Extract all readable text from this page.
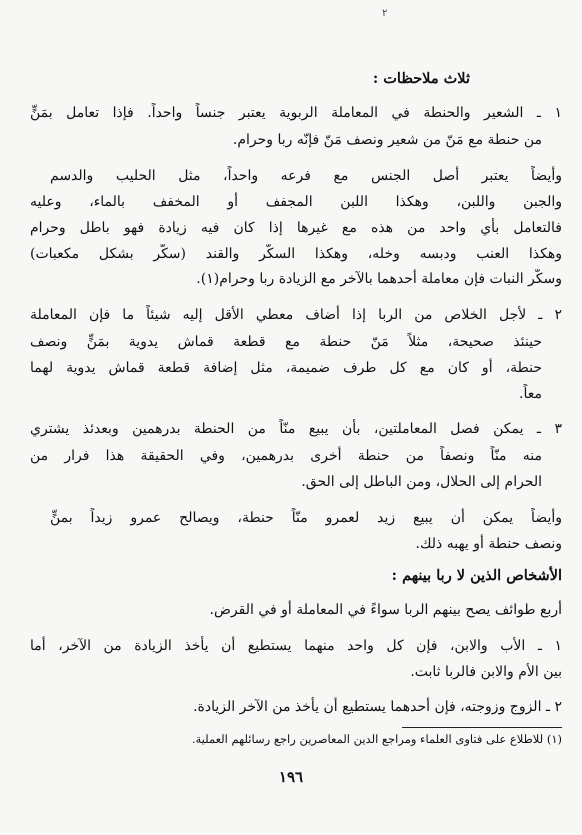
٢
ثلاث ملاحظات :
١ ـ الشعير والحنطة في المعاملة الربوية يعتبر جنساً واحداً. فإذا تعامل بمَنٍّ
من حنطة مع مَنّ من شعير ونصف مَنّ فإنّه ربا وحرام.
وأيضاً يعتبر أصل الجنس مع فرعه واحداً، مثل الحليب والدسم
والجبن واللبن، وهكذا اللبن المجفف أو المخفف بالماء، وعليه
فالتعامل بأي واحد من هذه مع غيرها إذا كان فيه زيادة فهو باطل وحرام
وهكذا العنب ودبسه وخله، وهكذا السكّر والقند (سكّر بشكل مكعبات)
وسكّر النبات فإن معاملة أحدهما بالآخر مع الزيادة ربا وحرام(١).
٢ ـ لأجل الخلاص من الربا إذا أضاف معطي الأقل إليه شيئاً ما فإن المعاملة
حينئذ صحيحة، مثلاً مَنّ حنطة مع قطعة قماش يدوية بمَنٍّ ونصف
حنطة، أو كان مع كل طرف ضميمة، مثل إضافة قطعة قماش يدوية لهما
معاً.
٣ ـ يمكن فصل المعاملتين، بأن يبيع منّاً من الحنطة بدرهمين وبعدئذ يشتري
منه منّاً ونصفاً من حنطة أخرى بدرهمين، وفي الحقيقة هذا فرار من
الحرام إلى الحلال، ومن الباطل إلى الحق.
وأيضاً يمكن أن يبيع زيد لعمرو منّاً حنطة، ويصالح عمرو زيداً بمنٍّ
ونصف حنطة أو يهبه ذلك.
الأشخاص الذين لا ربا بينهم :
أربع طوائف يصح بينهم الربا سواءً في المعاملة أو في القرض.
١ ـ الأب والابن، فإن كل واحد منهما يستطيع أن يأخذ الزيادة من الآخر، أما
بين الأم والابن فالربا ثابت.
٢ ـ الزوج وزوجته، فإن أحدهما يستطيع أن يأخذ من الآخر الزيادة.
(١) للاطلاع على فتاوى العلماء ومراجع الدين المعاصرين راجع رسائلهم العملية.
١٩٦
